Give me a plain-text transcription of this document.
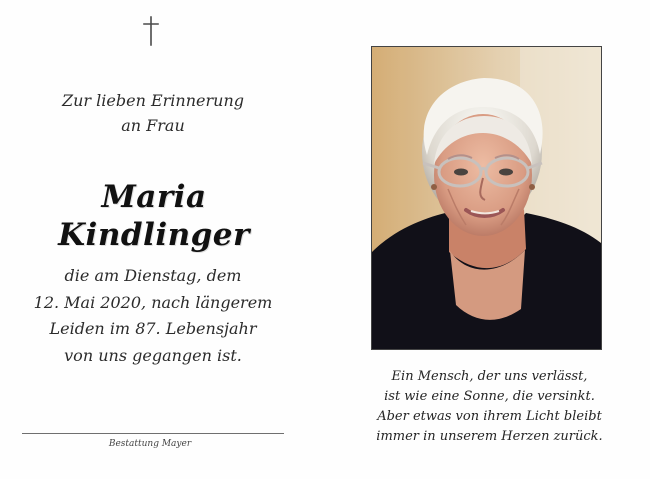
Zur lieben Erinnerung
an Frau
Maria Kindlinger
die am Dienstag, dem
12. Mai 2020, nach längerem
Leiden im 87. Lebensjahr
von uns gegangen ist.
Bestattung Mayer
Ein Mensch, der uns verlässt,
ist wie eine Sonne, die versinkt.
Aber etwas von ihrem Licht bleibt
immer in unserem Herzen zurück.
